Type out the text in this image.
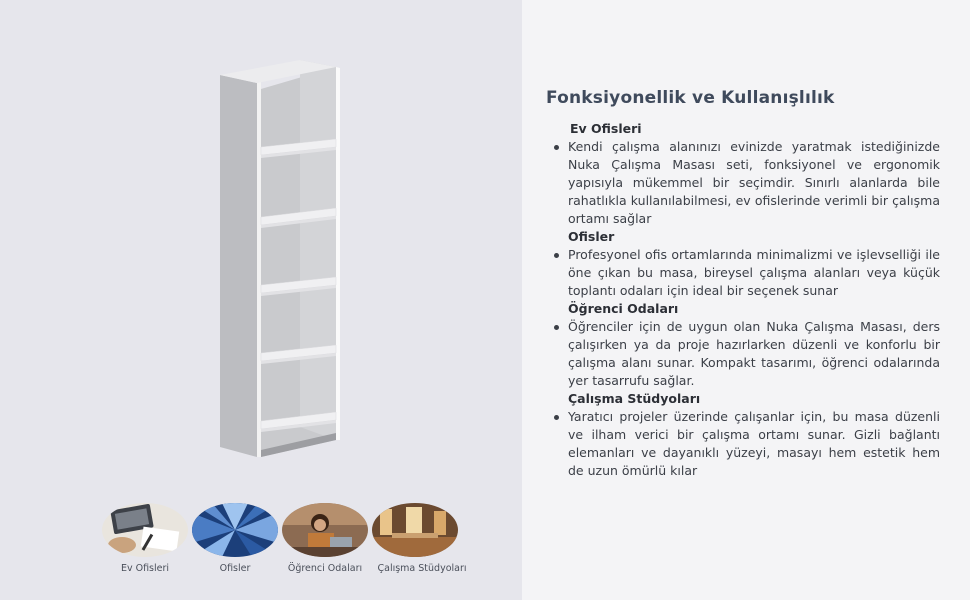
Ev Ofisleri	Ofisler	Öğrenci Odaları Çalışma Stüdyoları
Fonksiyonellik ve Kullanışlılık
Ev Ofisleri
Kendi çalışma alanınızı evinizde yaratmak istediğinizde Nuka Çalışma Masası seti, fonksiyonel ve ergonomik yapısıyla mükemmel bir seçimdir. Sınırlı alanlarda bile rahatlıkla kullanılabilmesi, ev ofislerinde verimli bir çalışma ortamı sağlar
Ofisler
Profesyonel ofis ortamlarında minimalizmi ve işlevselliği ile öne çıkan bu masa, bireysel çalışma alanları veya küçük toplantı odaları için ideal bir seçenek sunar
Öğrenci Odaları
Öğrenciler için de uygun olan Nuka Çalışma Masası, ders çalışırken ya da proje hazırlarken düzenli ve konforlu bir çalışma alanı sunar. Kompakt tasarımı, öğrenci odalarında yer tasarrufu sağlar.
Çalışma Stüdyoları
Yaratıcı projeler üzerinde çalışanlar için, bu masa düzenli ve ilham verici bir çalışma ortamı sunar. Gizli bağlantı elemanları ve dayanıklı yüzeyi, masayı hem estetik hem de uzun ömürlü kılar
